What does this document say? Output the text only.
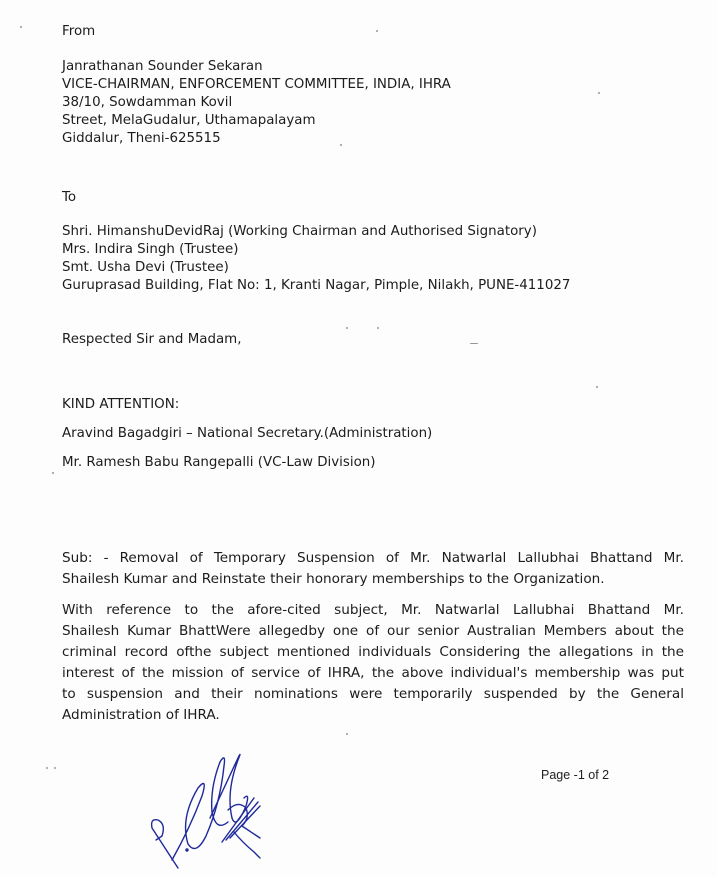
From
Janrathanan Sounder Sekaran
VICE-CHAIRMAN, ENFORCEMENT COMMITTEE, INDIA, IHRA
38/10, Sowdamman Kovil
Street, MelaGudalur, Uthamapalayam
Giddalur, Theni-625515
To
Shri. HimanshuDevidRaj (Working Chairman and Authorised Signatory)
Mrs. Indira Singh (Trustee)
Smt. Usha Devi (Trustee)
Guruprasad Building, Flat No: 1, Kranti Nagar, Pimple, Nilakh, PUNE-411027
Respected Sir and Madam,
KIND ATTENTION:
Aravind Bagadgiri – National Secretary.(Administration)
Mr. Ramesh Babu Rangepalli (VC-Law Division)
Sub: - Removal of Temporary Suspension of Mr. Natwarlal Lallubhai Bhattand Mr.
Shailesh Kumar and Reinstate their honorary memberships to the Organization.
With reference to the afore-cited subject, Mr. Natwarlal Lallubhai Bhattand Mr.
Shailesh Kumar BhattWere allegedby one of our senior Australian Members about the
criminal record ofthe subject mentioned individuals Considering the allegations in the
interest of the mission of service of IHRA, the above individual's membership was put
to suspension and their nominations were temporarily suspended by the General
Administration of IHRA.
Page -1 of 2
